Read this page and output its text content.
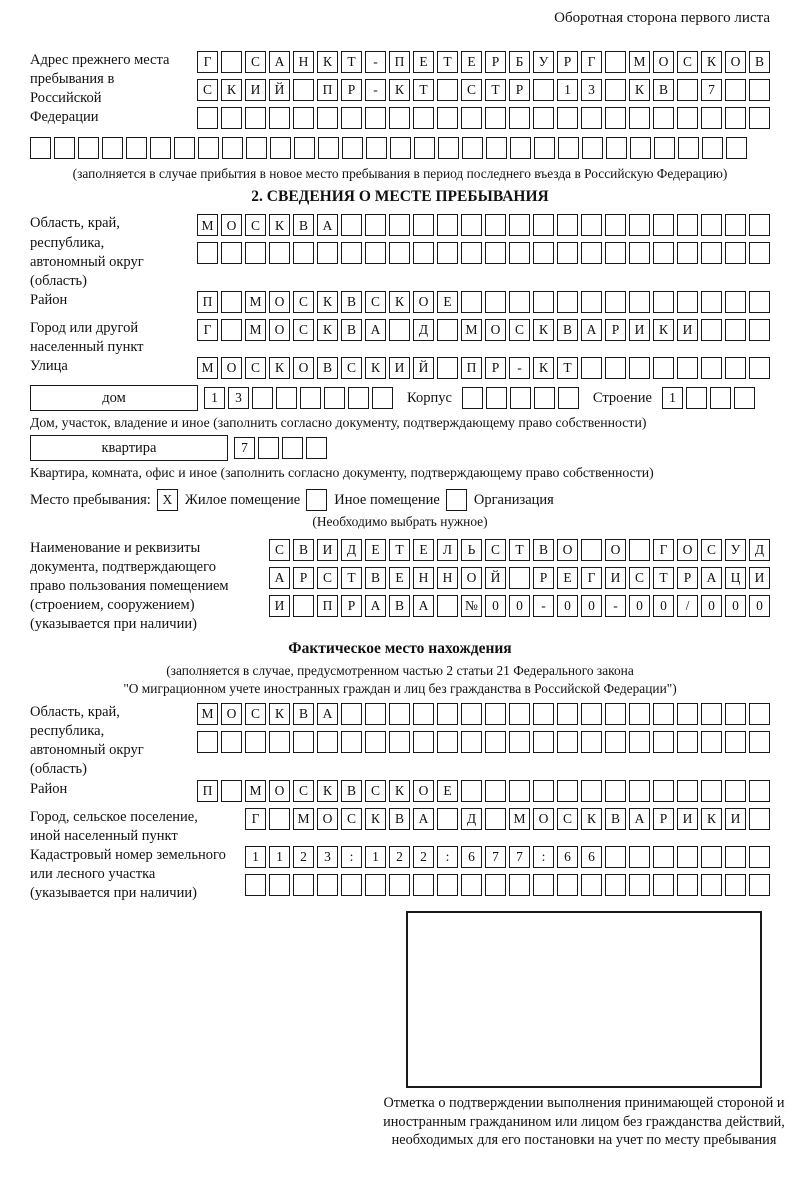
Оборотная сторона первого листа
Адрес прежнего места пребывания в Российской Федерации
Г	С	А	Н	К	Т	-	П	Е	Т	Е	Р	Б	У	Р	Г	М О	С	К	О	В
С	К	И	Й	П	Р	-	К	Т	С	Т	Р	1	3	К	В	7
(заполняется в случае прибытия в новое место пребывания в период последнего въезда в Российскую Федерацию)
2. СВЕДЕНИЯ О МЕСТЕ ПРЕБЫВАНИЯ
Область, край, республика, автономный округ (область)
М О	С	К	В	А
Район	П	М О	С	К	В	С	К	О	Е
Город или другой населенный пункт
Г	М О	С	К	В	А	Д	М О	С	К	В	А	Р	И	К	И
Улица	М О	С	К	О	В	С	К	И	Й	П	Р	-	К	Т
дом	1	3	Корпус	Строение	1
Дом, участок, владение и иное (заполнить согласно документу, подтверждающему право собственности)
квартира	7
Квартира, комната, офис и иное (заполнить согласно документу, подтверждающему право собственности)
Место пребывания: X Жилое помещение Иное помещение Организация
(Необходимо выбрать нужное)
Наименование и реквизиты документа, подтверждающего право пользования помещением (строением, сооружением) (указывается при наличии)
С	В	И	Д	Е	Т	Е	Л	Ь	С	Т	В	О	О	Г	О	С	У	Д
А	Р	С	Т	В	Е	Н	Н	О	Й	Р	Е	Г	И	С	Т	Р	А	Ц	И
И	П	Р	А	В	А	№	0	0	-	0	0	-	0	0	/	0	0	0
Фактическое место нахождения
(заполняется в случае, предусмотренном частью 2 статьи 21 Федерального закона
"О миграционном учете иностранных граждан и лиц без гражданства в Российской Федерации")
Область, край, республика, автономный округ (область)
М О	С	К	В	А
Район	П	М О	С	К	В	С	К	О	Е
Город, сельское поселение, иной населенный пункт
Г	М О	С	К	В	А	Д	М О	С	К	В	А	Р	И	К	И
Кадастровый номер земельного или лесного участка (указывается при наличии)
1	1	2	3	:	1	2	2	:	6	7	7	:	6	6
Отметка о подтверждении выполнения принимающей стороной и иностранным гражданином или лицом без гражданства действий, необходимых для его постановки на учет по месту пребывания
